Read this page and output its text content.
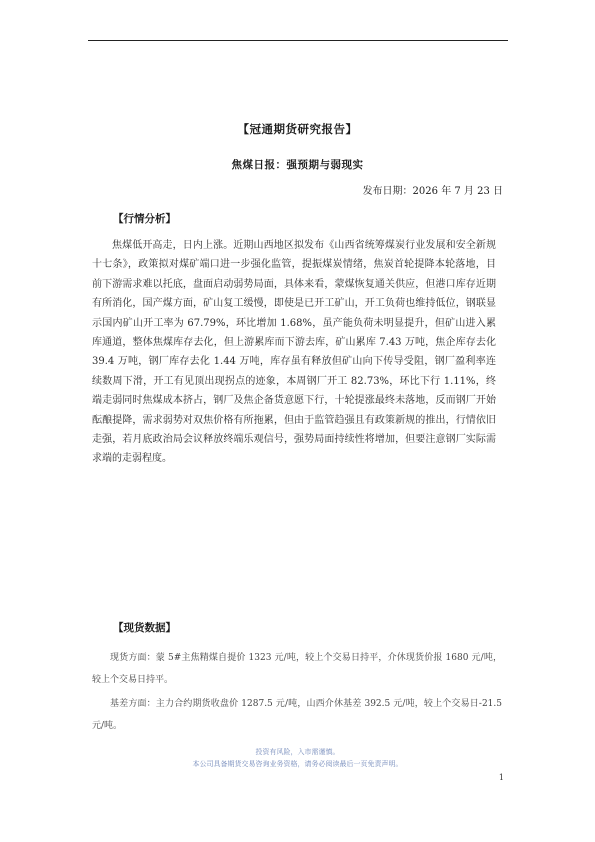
【冠通期货研究报告】
焦煤日报：强预期与弱现实
发布日期：2026 年 7 月 23 日
【行情分析】
焦煤低开高走，日内上涨。近期山西地区拟发布《山西省统筹煤炭行业发展和安全新规十七条》，政策拟对煤矿端口进一步强化监管，提振煤炭情绪，焦炭首轮提降本轮落地，目前下游需求难以托底，盘面启动弱势局面，具体来看，蒙煤恢复通关供应，但港口库存近期有所消化，国产煤方面，矿山复工缓慢，即使是已开工矿山，开工负荷也维持低位，钢联显示国内矿山开工率为 67.79%，环比增加 1.68%，虽产能负荷未明显提升，但矿山进入累库通道，整体焦煤库存去化，但上游累库而下游去库，矿山累库 7.43 万吨，焦企库存去化 39.4 万吨，钢厂库存去化 1.44 万吨，库存虽有释放但矿山向下传导受阻，钢厂盈利率连续数周下滑，开工有见顶出现拐点的迹象，本周钢厂开工 82.73%，环比下行 1.11%，终端走弱同时焦煤成本挤占，钢厂及焦企备货意愿下行，十轮提涨最终未落地，反而钢厂开始酝酿提降，需求弱势对双焦价格有所拖累，但由于监管趋强且有政策新规的推出，行情依旧走强，若月底政治局会议释放终端乐观信号，强势局面持续性将增加，但要注意钢厂实际需求端的走弱程度。
【现货数据】
现货方面：蒙 5#主焦精煤自提价 1323 元/吨，较上个交易日持平，介休现货价报 1680 元/吨，较上个交易日持平。
基差方面：主力合约期货收盘价 1287.5 元/吨，山西介休基差 392.5 元/吨，较上个交易日-21.5 元/吨。
投资有风险，入市需谨慎。
本公司具备期货交易咨询业务资格，请务必阅读最后一页免责声明。
1
